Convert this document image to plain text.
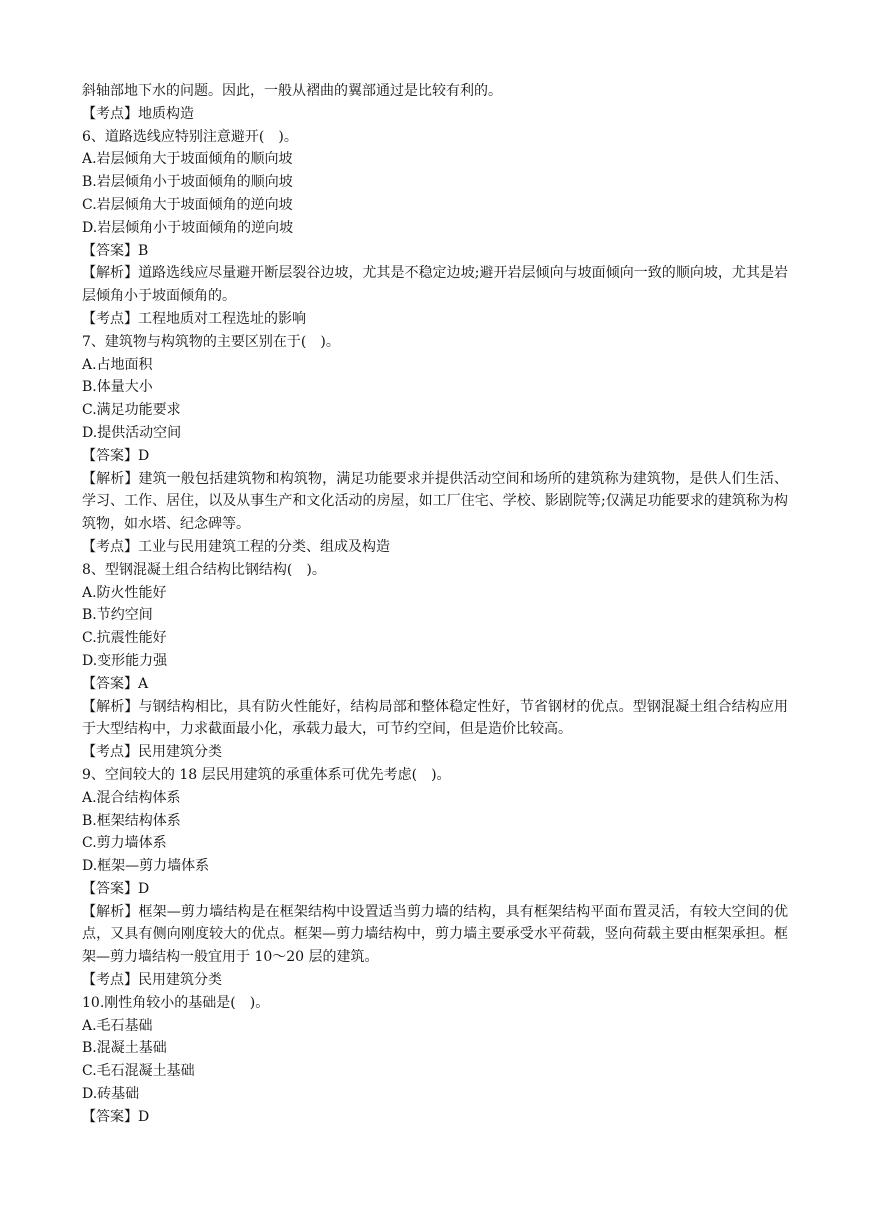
斜轴部地下水的问题。因此，一般从褶曲的翼部通过是比较有利的。
【考点】地质构造
6、道路选线应特别注意避开(　)。
A.岩层倾角大于坡面倾角的顺向坡
B.岩层倾角小于坡面倾角的顺向坡
C.岩层倾角大于坡面倾角的逆向坡
D.岩层倾角小于坡面倾角的逆向坡
【答案】B
【解析】道路选线应尽量避开断层裂谷边坡，尤其是不稳定边坡;避开岩层倾向与坡面倾向一致的顺向坡，尤其是岩层倾角小于坡面倾角的。
【考点】工程地质对工程选址的影响
7、建筑物与构筑物的主要区别在于(　)。
A.占地面积
B.体量大小
C.满足功能要求
D.提供活动空间
【答案】D
【解析】建筑一般包括建筑物和构筑物，满足功能要求并提供活动空间和场所的建筑称为建筑物，是供人们生活、学习、工作、居住，以及从事生产和文化活动的房屋，如工厂住宅、学校、影剧院等;仅满足功能要求的建筑称为构筑物，如水塔、纪念碑等。
【考点】工业与民用建筑工程的分类、组成及构造
8、型钢混凝土组合结构比钢结构(　)。
A.防火性能好
B.节约空间
C.抗震性能好
D.变形能力强
【答案】A
【解析】与钢结构相比，具有防火性能好，结构局部和整体稳定性好，节省钢材的优点。型钢混凝土组合结构应用于大型结构中，力求截面最小化，承载力最大，可节约空间，但是造价比较高。
【考点】民用建筑分类
9、空间较大的 18 层民用建筑的承重体系可优先考虑(　)。
A.混合结构体系
B.框架结构体系
C.剪力墙体系
D.框架—剪力墙体系
【答案】D
【解析】框架—剪力墙结构是在框架结构中设置适当剪力墙的结构，具有框架结构平面布置灵活，有较大空间的优点，又具有侧向刚度较大的优点。框架—剪力墙结构中，剪力墙主要承受水平荷载，竖向荷载主要由框架承担。框架—剪力墙结构一般宜用于 10～20 层的建筑。
【考点】民用建筑分类
10.刚性角较小的基础是(　)。
A.毛石基础
B.混凝土基础
C.毛石混凝土基础
D.砖基础
【答案】D
